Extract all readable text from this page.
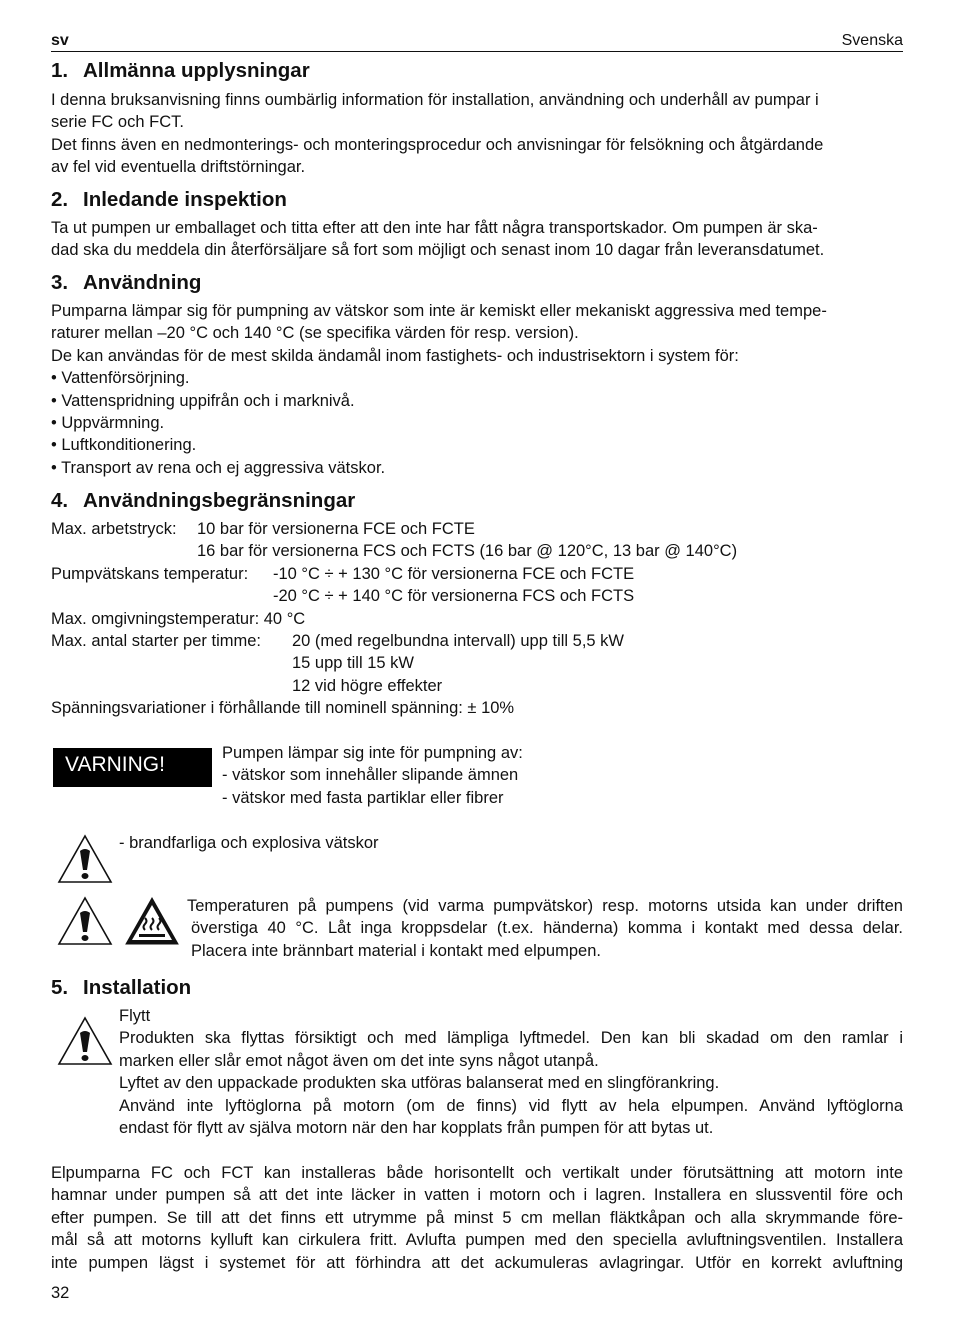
sv	Svenska
1. Allmänna upplysningar
I denna bruksanvisning finns oumbärlig information för installation, användning och underhåll av pumpar i
serie FC och FCT.
Det finns även en nedmonterings- och monteringsprocedur och anvisningar för felsökning och åtgärdande
av fel vid eventuella driftstörningar.
2. Inledande inspektion
Ta ut pumpen ur emballaget och titta efter att den inte har fått några transportskador. Om pumpen är ska-
dad ska du meddela din återförsäljare så fort som möjligt och senast inom 10 dagar från leveransdatumet.
3. Användning
Pumparna lämpar sig för pumpning av vätskor som inte är kemiskt eller mekaniskt aggressiva med tempe-
raturer mellan –20 °C och 140 °C (se specifika värden för resp. version).
De kan användas för de mest skilda ändamål inom fastighets- och industrisektorn i system för:
• Vattenförsörjning.
• Vattenspridning uppifrån och i marknivå.
• Uppvärmning.
• Luftkonditionering.
• Transport av rena och ej aggressiva vätskor.
4. Användningsbegränsningar
Max. arbetstryck: 10 bar för versionerna FCE och FCTE
16 bar för versionerna FCS och FCTS (16 bar @ 120°C, 13 bar @ 140°C)
Pumpvätskans temperatur: -10 °C ÷ + 130 °C för versionerna FCE och FCTE
-20 °C ÷ + 140 °C för versionerna FCS och FCTS
Max. omgivningstemperatur: 40 °C
Max. antal starter per timme: 20 (med regelbundna intervall) upp till 5,5 kW
15 upp till 15 kW
12 vid högre effekter
Spänningsvariationer i förhållande till nominell spänning: ± 10%
VARNING!	Pumpen lämpar sig inte för pumpning av:
- vätskor som innehåller slipande ämnen
- vätskor med fasta partiklar eller fibrer
- brandfarliga och explosiva vätskor
Temperaturen på pumpens (vid varma pumpvätskor) resp. motorns utsida kan under driften
överstiga 40 °C. Låt inga kroppsdelar (t.ex. händerna) komma i kontakt med dessa delar.
Placera inte brännbart material i kontakt med elpumpen.
5. Installation
Flytt
Produkten ska flyttas försiktigt och med lämpliga lyftmedel. Den kan bli skadad om den ramlar i
marken eller slår emot något även om det inte syns något utanpå.
Lyftet av den uppackade produkten ska utföras balanserat med en slingförankring.
Använd inte lyftöglorna på motorn (om de finns) vid flytt av hela elpumpen. Använd lyftöglorna
endast för flytt av själva motorn när den har kopplats från pumpen för att bytas ut.
Elpumparna FC och FCT kan installeras både horisontellt och vertikalt under förutsättning att motorn inte
hamnar under pumpen så att det inte läcker in vatten i motorn och i lagren. Installera en slussventil före och
efter pumpen. Se till att det finns ett utrymme på minst 5 cm mellan fläktkåpan och alla skrymmande före-
mål så att motorns kylluft kan cirkulera fritt. Avlufta pumpen med den speciella avluftningsventilen. Installera
inte pumpen lägst i systemet för att förhindra att det ackumuleras avlagringar. Utför en korrekt avluftning
32
